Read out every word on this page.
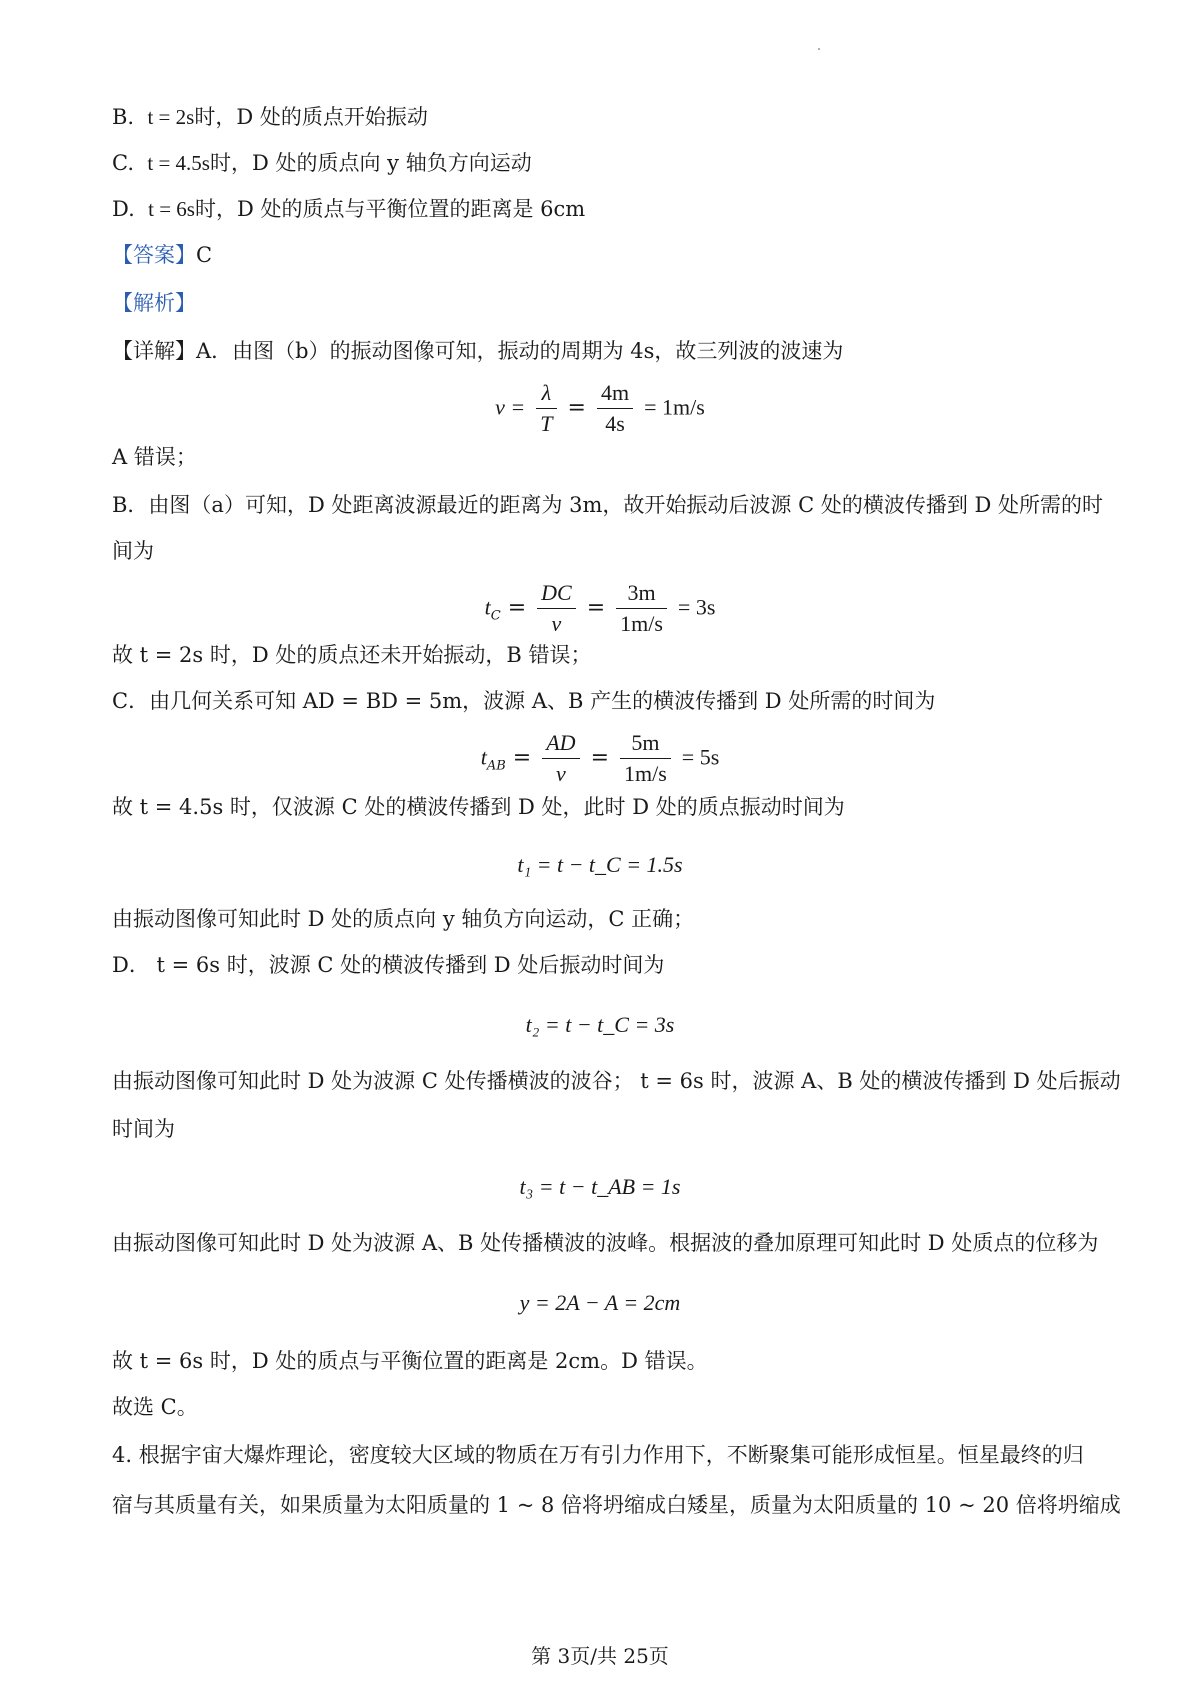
B. t = 2s时，D 处的质点开始振动
C. t = 4.5s时，D 处的质点向 y 轴负方向运动
D. t = 6s时，D 处的质点与平衡位置的距离是 6cm
【答案】C
【解析】
【详解】A．由图（b）的振动图像可知，振动的周期为 4s，故三列波的波速为
$v = \frac{\lambda}{T} = \frac{4m}{4s} = 1m/s$
A 错误；
B．由图（a）可知，D 处距离波源最近的距离为 3m，故开始振动后波源 C 处的横波传播到 D 处所需的时
间为
$t_C = \frac{DC}{v} = \frac{3m}{1m/s} = 3s$
故 t = 2s 时，D 处的质点还未开始振动，B 错误；
C．由几何关系可知 AD = BD = 5m，波源 A、B 产生的横波传播到 D 处所需的时间为
$t_{AB} = \frac{AD}{v} = \frac{5m}{1m/s} = 5s$
故 t = 4.5s 时，仅波源 C 处的横波传播到 D 处，此时 D 处的质点振动时间为
t₁ = t − t_C = 1.5s
由振动图像可知此时 D 处的质点向 y 轴负方向运动，C 正确；
D． t = 6s 时，波源 C 处的横波传播到 D 处后振动时间为
t₂ = t − t_C = 3s
由振动图像可知此时 D 处为波源 C 处传播横波的波谷； t = 6s 时，波源 A、B 处的横波传播到 D 处后振动
时间为
t₃ = t − t_AB = 1s
由振动图像可知此时 D 处为波源 A、B 处传播横波的波峰。根据波的叠加原理可知此时 D 处质点的位移为
y = 2A − A = 2cm
故 t = 6s 时，D 处的质点与平衡位置的距离是 2cm。D 错误。
故选 C。
4. 根据宇宙大爆炸理论，密度较大区域的物质在万有引力作用下，不断聚集可能形成恒星。恒星最终的归
宿与其质量有关，如果质量为太阳质量的 1 ~ 8 倍将坍缩成白矮星，质量为太阳质量的 10 ~ 20 倍将坍缩成
第 3页/共 25页
